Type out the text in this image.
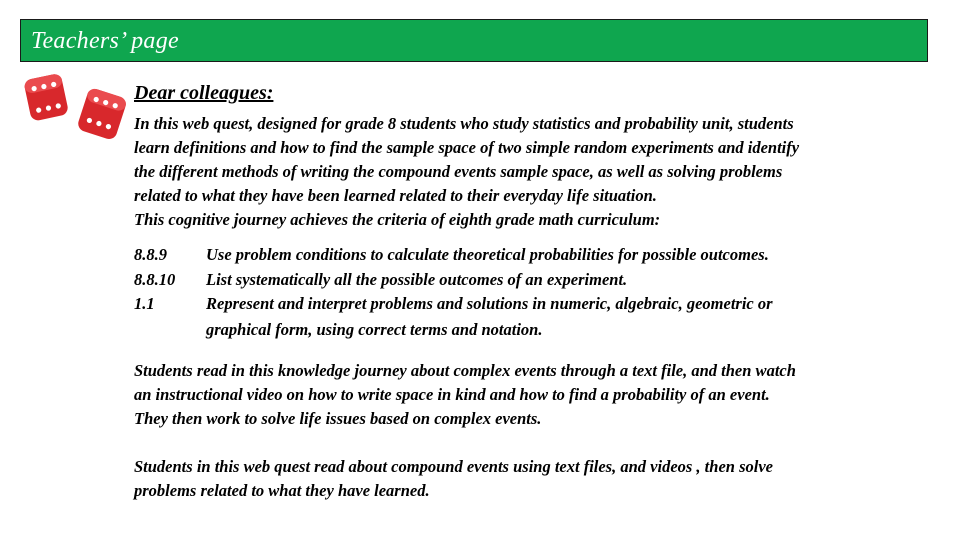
Teachers’ page
Dear colleagues:
In this web quest, designed for grade 8 students who study statistics and probability unit, students
learn definitions and how to find the sample space of two simple random experiments and identify
the different methods of writing the compound events sample space, as well as solving problems
related to what they have been learned related to their everyday life situation.
This cognitive journey achieves the criteria of eighth grade math curriculum:
8.8.9 Use problem conditions to calculate theoretical probabilities for possible outcomes.
8.8.10 List systematically all the possible outcomes of an experiment.
1.1	Represent and interpret problems and solutions in numeric, algebraic, geometric or
graphical form, using correct terms and notation.
Students read in this knowledge journey about complex events through a text file, and then watch
an instructional video on how to write space in kind and how to find a probability of an event.
They then work to solve life issues based on complex events.
Students in this web quest read about compound events using text files, and videos , then solve
problems related to what they have learned.
